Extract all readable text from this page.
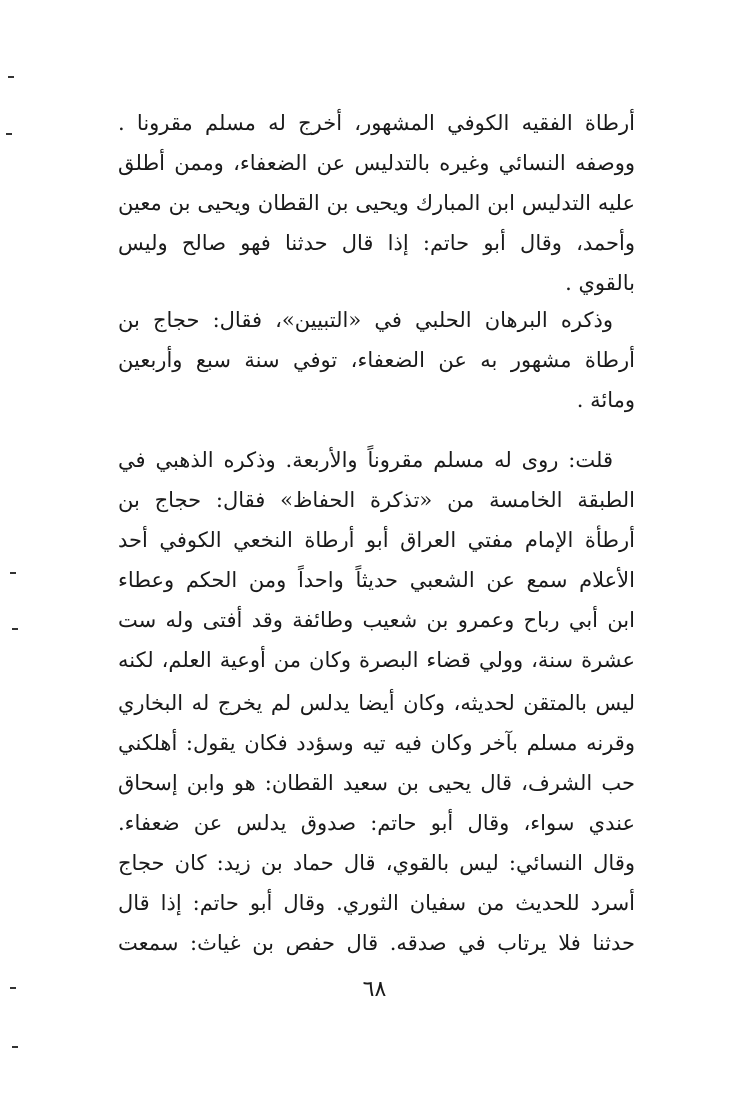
أرطاة الفقيه الكوفي المشهور، أخرج له مسلم مقرونا .
ووصفه النسائي وغيره بالتدليس عن الضعفاء، وممن أطلق
عليه التدليس ابن المبارك ويحيى بن القطان ويحيى بن معين
وأحمد، وقال أبو حاتم: إذا قال حدثنا فهو صالح وليس
بالقوي .
وذكره البرهان الحلبي في «التبيين»، فقال: حجاج بن
أرطاة مشهور به عن الضعفاء، توفي سنة سبع وأربعين
ومائة .
قلت: روى له مسلم مقروناً والأربعة. وذكره الذهبي في
الطبقة الخامسة من «تذكرة الحفاظ» فقال: حجاج بن
أرطأة الإمام مفتي العراق أبو أرطاة النخعي الكوفي أحد
الأعلام سمع عن الشعبي حديثاً واحداً ومن الحكم وعطاء
ابن أبي رباح وعمرو بن شعيب وطائفة وقد أفتى وله ست
عشرة سنة، وولي قضاء البصرة وكان من أوعية العلم، لكنه
ليس بالمتقن لحديثه، وكان أيضا يدلس لم يخرج له البخاري
وقرنه مسلم بآخر وكان فيه تيه وسؤدد فكان يقول: أهلكني
حب الشرف، قال يحيى بن سعيد القطان: هو وابن إسحاق
عندي سواء، وقال أبو حاتم: صدوق يدلس عن ضعفاء.
وقال النسائي: ليس بالقوي، قال حماد بن زيد: كان حجاج
أسرد للحديث من سفيان الثوري. وقال أبو حاتم: إذا قال
حدثنا فلا يرتاب في صدقه. قال حفص بن غياث: سمعت
٦٨
